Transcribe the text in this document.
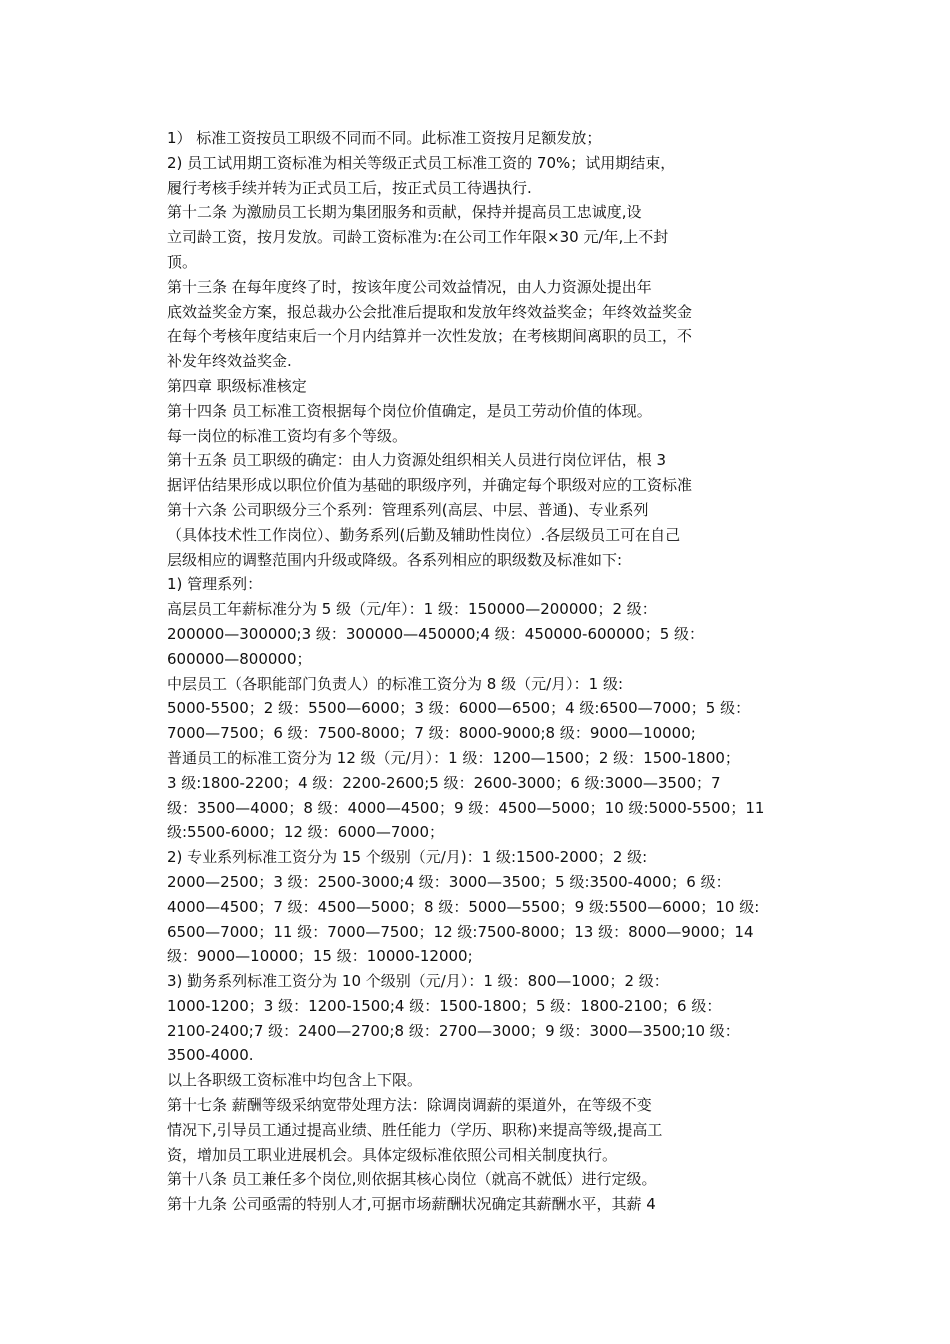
1） 标准工资按员工职级不同而不同。此标准工资按月足额发放；
2) 员工试用期工资标准为相关等级正式员工标准工资的 70%；试用期结束，
履行考核手续并转为正式员工后，按正式员工待遇执行.
第十二条 为激励员工长期为集团服务和贡献，保持并提高员工忠诚度,设
立司龄工资，按月发放。司龄工资标准为:在公司工作年限×30 元/年,上不封
顶。
第十三条 在每年度终了时，按该年度公司效益情况，由人力资源处提出年
底效益奖金方案，报总裁办公会批准后提取和发放年终效益奖金；年终效益奖金
在每个考核年度结束后一个月内结算并一次性发放；在考核期间离职的员工，不
补发年终效益奖金.
第四章 职级标准核定
第十四条 员工标准工资根据每个岗位价值确定，是员工劳动价值的体现。
每一岗位的标准工资均有多个等级。
第十五条 员工职级的确定：由人力资源处组织相关人员进行岗位评估，根 3
据评估结果形成以职位价值为基础的职级序列，并确定每个职级对应的工资标准
第十六条 公司职级分三个系列：管理系列(高层、中层、普通)、专业系列
（具体技术性工作岗位）、勤务系列(后勤及辅助性岗位）.各层级员工可在自己
层级相应的调整范围内升级或降级。各系列相应的职级数及标准如下:
1) 管理系列：
高层员工年薪标准分为 5 级（元/年）：1 级：150000—200000；2 级：
200000—300000;3 级：300000—450000;4 级：450000-600000；5 级：
600000—800000；
中层员工（各职能部门负责人）的标准工资分为 8 级（元/月）：1 级:
5000-5500；2 级：5500—6000；3 级：6000—6500；4 级:6500—7000；5 级：
7000—7500；6 级：7500-8000；7 级：8000-9000;8 级：9000—10000;
普通员工的标准工资分为 12 级（元/月）：1 级：1200—1500；2 级：1500-1800；
3 级:1800-2200；4 级：2200-2600;5 级：2600-3000；6 级:3000—3500；7
级：3500—4000；8 级：4000—4500；9 级：4500—5000；10 级:5000-5500；11
级:5500-6000；12 级：6000—7000；
2) 专业系列标准工资分为 15 个级别（元/月)：1 级:1500-2000；2 级:
2000—2500；3 级：2500-3000;4 级：3000—3500；5 级:3500-4000；6 级：
4000—4500；7 级：4500—5000；8 级：5000—5500；9 级:5500—6000；10 级:
6500—7000；11 级：7000—7500；12 级:7500-8000；13 级：8000—9000；14
级：9000—10000；15 级：10000-12000;
3) 勤务系列标准工资分为 10 个级别（元/月）：1 级：800—1000；2 级：
1000-1200；3 级：1200-1500;4 级：1500-1800；5 级：1800-2100；6 级：
2100-2400;7 级：2400—2700;8 级：2700—3000；9 级：3000—3500;10 级：
3500-4000.
以上各职级工资标准中均包含上下限。
第十七条 薪酬等级采纳宽带处理方法：除调岗调薪的渠道外，在等级不变
情况下,引导员工通过提高业绩、胜任能力（学历、职称)来提高等级,提高工
资，增加员工职业进展机会。具体定级标准依照公司相关制度执行。
第十八条 员工兼任多个岗位,则依据其核心岗位（就高不就低）进行定级。
第十九条 公司亟需的特别人才,可据市场薪酬状况确定其薪酬水平，其薪 4
